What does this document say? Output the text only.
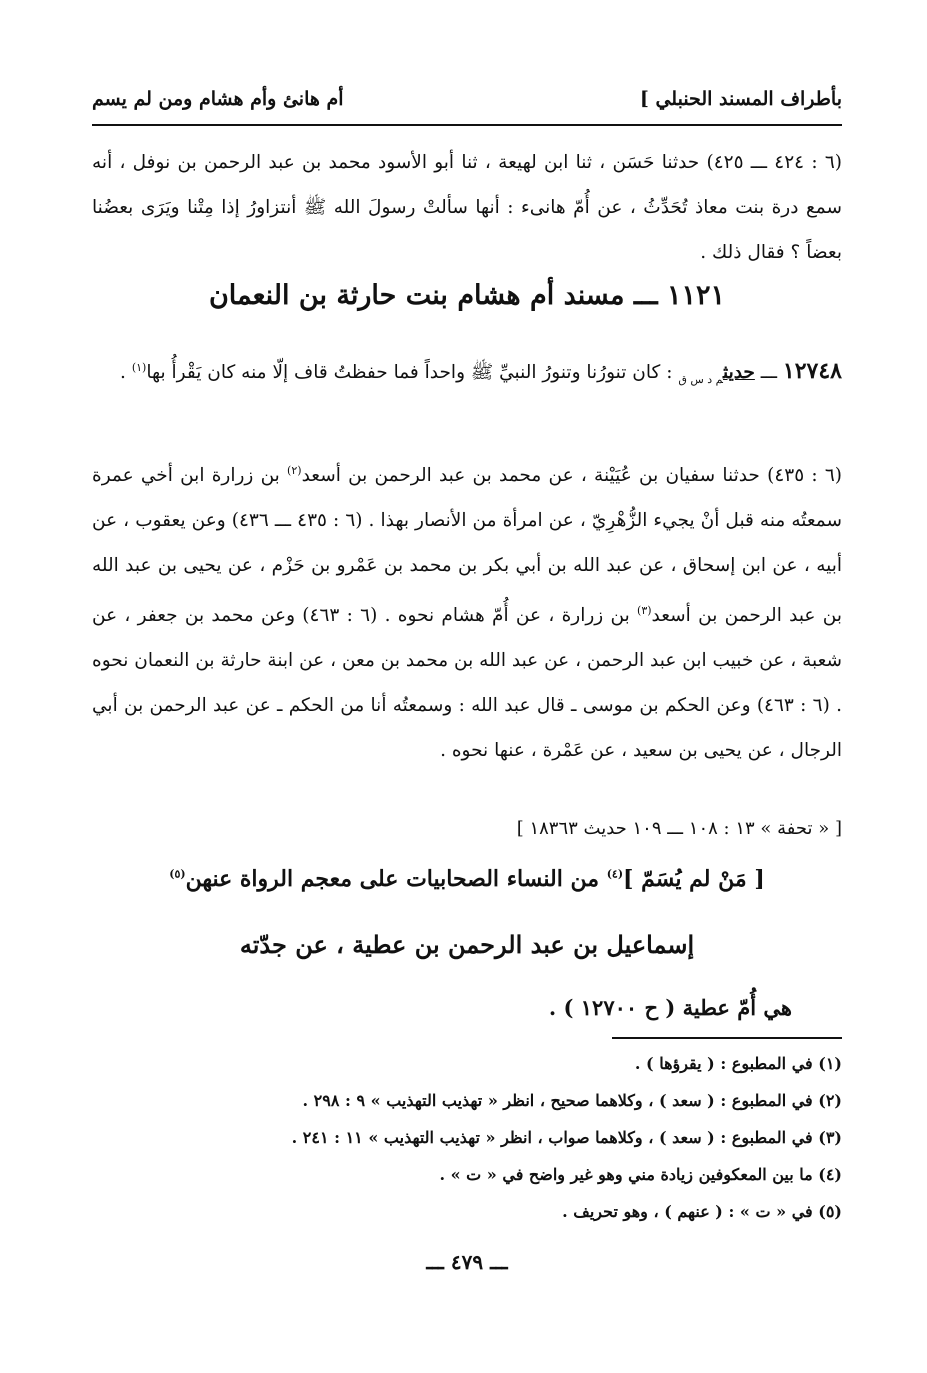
بأطراف المسند الحنبلي ]
أم هانئ وأم هشام ومن لم يسم

(٦ : ٤٢٤ ـــ ٤٢٥) حدثنا حَسَن ، ثنا ابن لهيعة ، ثنا أبو الأسود محمد بن عبد الرحمن بن نوفل ، أنه سمع درة بنت معاذ تُحَدِّثُ ، عن أُمّ هانىء : أنها سألتْ رسولَ الله ﷺ أنتزاورُ إذا مِتْنا ويَرَى بعضُنا بعضاً ؟ فقال ذلك .

١١٢١ ـــ مسند أم هشام بنت حارثة بن النعمان

١٢٧٤٨ ـــ حديث$_{م د س ق}$ : كان تنورُنا وتنورُ النبيِّ ﷺ واحداً فما حفظتُ قاف إلّا منه كان يَقْرأُ بها$^{(١)}$ .

(٦ : ٤٣٥) حدثنا سفيان بن عُيَيْنة ، عن محمد بن عبد الرحمن بن أسعد$^{(٢)}$ بن زرارة ابن أخي عمرة سمعتُه منه قبل أنْ يجيء الزُّهْرِيّ ، عن امرأة من الأنصار بهذا . (٦ : ٤٣٥ ـــ ٤٣٦) وعن يعقوب ، عن أبيه ، عن ابن إسحاق ، عن عبد الله بن أبي بكر بن محمد بن عَمْرو بن حَزْم ، عن يحيى بن عبد الله بن عبد الرحمن بن أسعد$^{(٣)}$ بن زرارة ، عن أُمّ هشام نحوه . (٦ : ٤٦٣) وعن محمد بن جعفر ، عن شعبة ، عن خبيب ابن عبد الرحمن ، عن عبد الله بن محمد بن معن ، عن ابنة حارثة بن النعمان نحوه . (٦ : ٤٦٣) وعن الحكم بن موسى ـ قال عبد الله : وسمعتُه أنا من الحكم ـ عن عبد الرحمن بن أبي الرجال ، عن يحيى بن سعيد ، عن عَمْرة ، عنها نحوه .

[ « تحفة » ١٣ : ١٠٨ ـــ ١٠٩ حديث ١٨٣٦٣ ]
[ مَنْ لم يُسَمّ ]$^{(٤)}$ من النساء الصحابيات على معجم الرواة عنهن$^{(٥)}$
إسماعيل بن عبد الرحمن بن عطية ، عن جدّته
هي أُمّ عطية ( ح ١٢٧٠٠ ) .
(١) في المطبوع : ( يقرؤها ) .
(٢) في المطبوع : ( سعد ) ، وكلاهما صحيح ، انظر « تهذيب التهذيب » ٩ : ٢٩٨ .
(٣) في المطبوع : ( سعد ) ، وكلاهما صواب ، انظر « تهذيب التهذيب » ١١ : ٢٤١ .
(٤) ما بين المعكوفين زيادة مني وهو غير واضح في « ت » .
(٥) في « ت » : ( عنهم ) ، وهو تحريف .
ـــ ٤٧٩ ـــ
